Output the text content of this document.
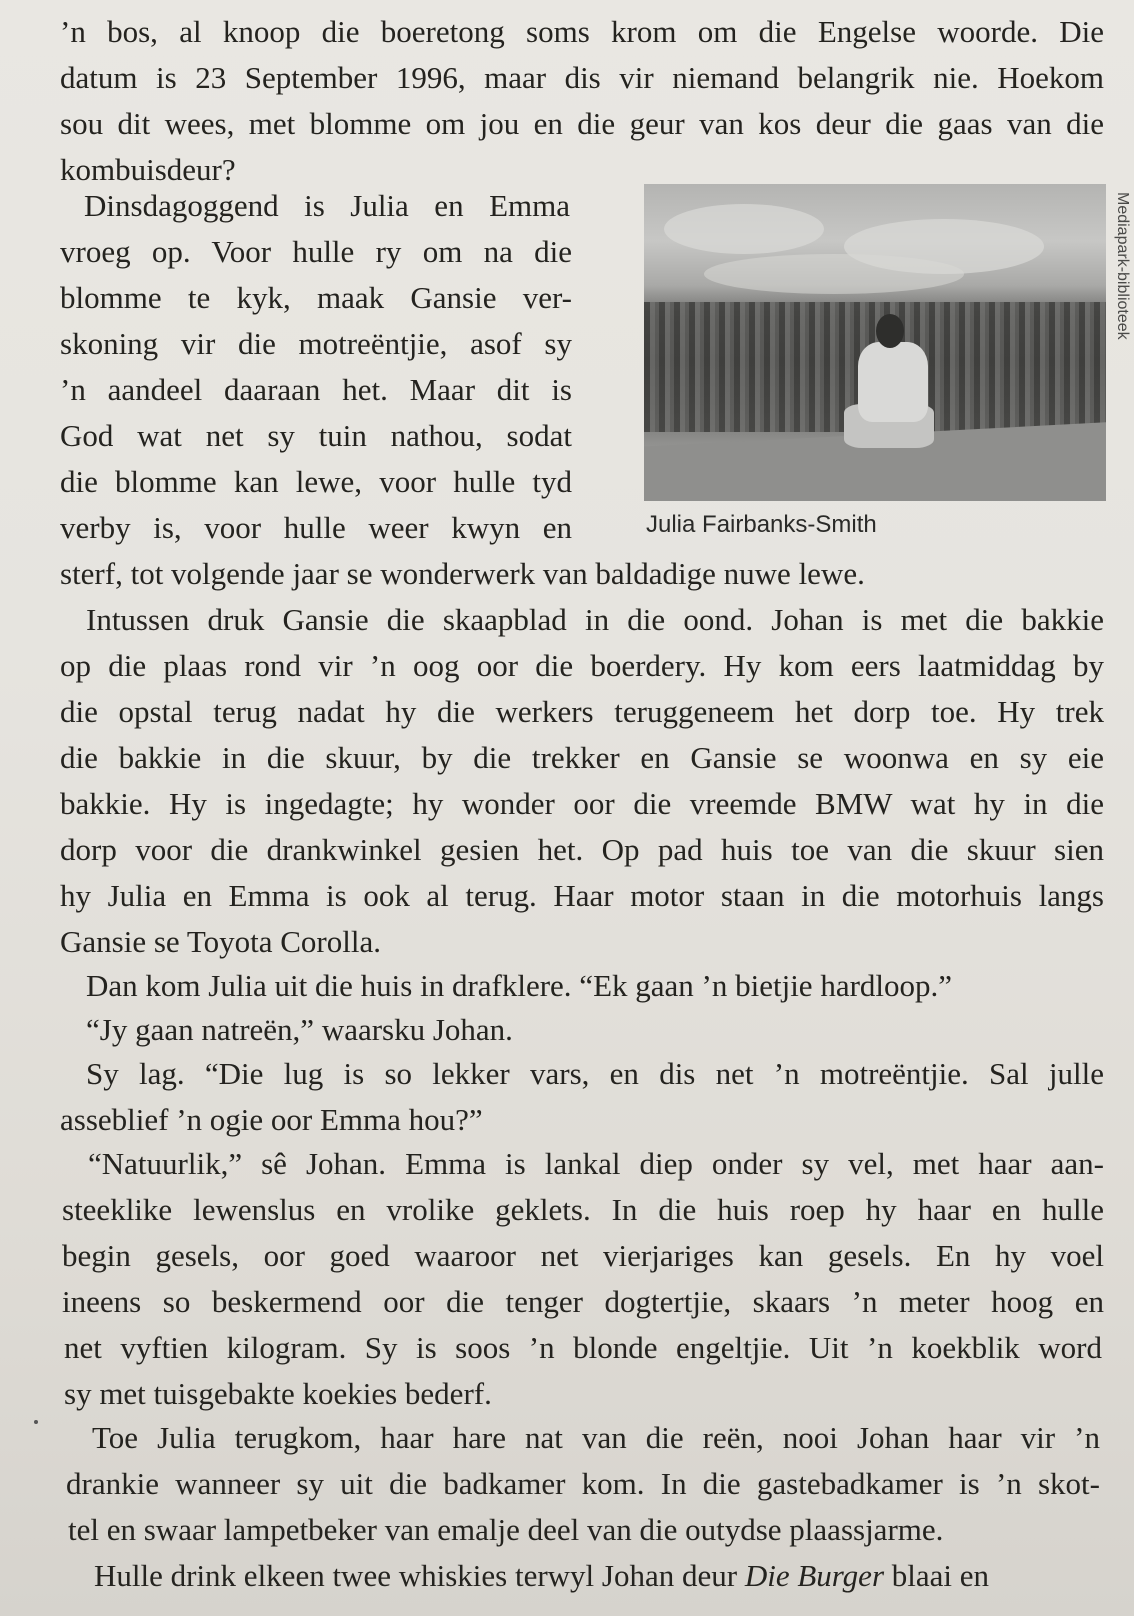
’n bos, al knoop die boeretong soms krom om die Engelse woorde. Die
datum is 23 September 1996, maar dis vir niemand belangrik nie. Hoekom
sou dit wees, met blomme om jou en die geur van kos deur die gaas van die
kombuisdeur?
Dinsdagoggend is Julia en Emma
vroeg op. Voor hulle ry om na die
blomme te kyk, maak Gansie ver-
skoning vir die motreëntjie, asof sy
’n aandeel daaraan het. Maar dit is
God wat net sy tuin nathou, sodat
die blomme kan lewe, voor hulle tyd
verby is, voor hulle weer kwyn en
sterf, tot volgende jaar se wonderwerk van baldadige nuwe lewe.
Julia Fairbanks-Smith
Mediapark-biblioteek
Intussen druk Gansie die skaapblad in die oond. Johan is met die bakkie
op die plaas rond vir ’n oog oor die boerdery. Hy kom eers laatmiddag by
die opstal terug nadat hy die werkers teruggeneem het dorp toe. Hy trek
die bakkie in die skuur, by die trekker en Gansie se woonwa en sy eie
bakkie. Hy is ingedagte; hy wonder oor die vreemde BMW wat hy in die
dorp voor die drankwinkel gesien het. Op pad huis toe van die skuur sien
hy Julia en Emma is ook al terug. Haar motor staan in die motorhuis langs
Gansie se Toyota Corolla.
Dan kom Julia uit die huis in drafklere. “Ek gaan ’n bietjie hardloop.”
“Jy gaan natreën,” waarsku Johan.
Sy lag. “Die lug is so lekker vars, en dis net ’n motreëntjie. Sal julle
asseblief ’n ogie oor Emma hou?”
“Natuurlik,” sê Johan. Emma is lankal diep onder sy vel, met haar aan-
steeklike lewenslus en vrolike geklets. In die huis roep hy haar en hulle
begin gesels, oor goed waaroor net vierjariges kan gesels. En hy voel
ineens so beskermend oor die tenger dogtertjie, skaars ’n meter hoog en
net vyftien kilogram. Sy is soos ’n blonde engeltjie. Uit ’n koekblik word
sy met tuisgebakte koekies bederf.
Toe Julia terugkom, haar hare nat van die reën, nooi Johan haar vir ’n
drankie wanneer sy uit die badkamer kom. In die gastebadkamer is ’n skot-
tel en swaar lampetbeker van emalje deel van die outydse plaassjarme.
Hulle drink elkeen twee whiskies terwyl Johan deur Die Burger blaai en
